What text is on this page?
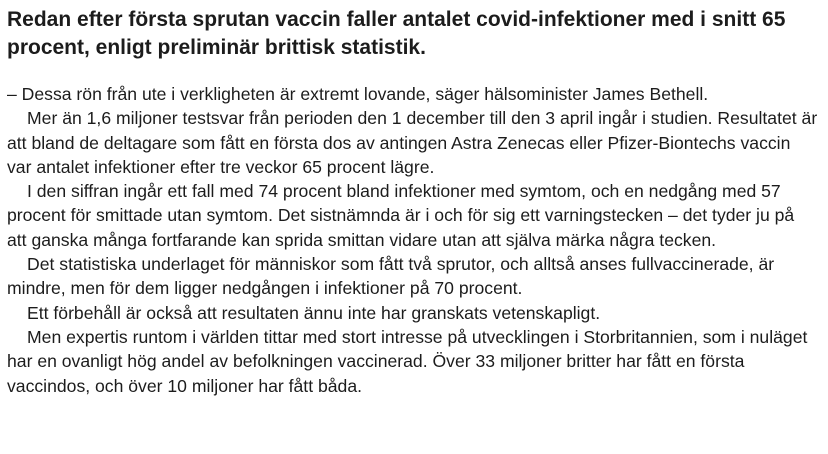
Redan efter första sprutan vaccin faller antalet covid-infektioner med i snitt 65 procent, enligt preliminär brittisk statistik.

– Dessa rön från ute i verkligheten är extremt lovande, säger hälsominister James Bethell.

Mer än 1,6 miljoner testsvar från perioden den 1 december till den 3 april ingår i studien. Resultatet är att bland de deltagare som fått en första dos av antingen Astra Zenecas eller Pfizer-Biontechs vaccin var antalet infektioner efter tre veckor 65 procent lägre.

I den siffran ingår ett fall med 74 procent bland infektioner med symtom, och en nedgång med 57 procent för smittade utan symtom. Det sistnämnda är i och för sig ett varningstecken – det tyder ju på att ganska många fortfarande kan sprida smittan vidare utan att själva märka några tecken.

Det statistiska underlaget för människor som fått två sprutor, och alltså anses fullvaccinerade, är mindre, men för dem ligger nedgången i infektioner på 70 procent.

Ett förbehåll är också att resultaten ännu inte har granskats vetenskapligt.

Men expertis runtom i världen tittar med stort intresse på utvecklingen i Storbritannien, som i nuläget har en ovanligt hög andel av befolkningen vaccinerad. Över 33 miljoner britter har fått en första vaccindos, och över 10 miljoner har fått båda.
